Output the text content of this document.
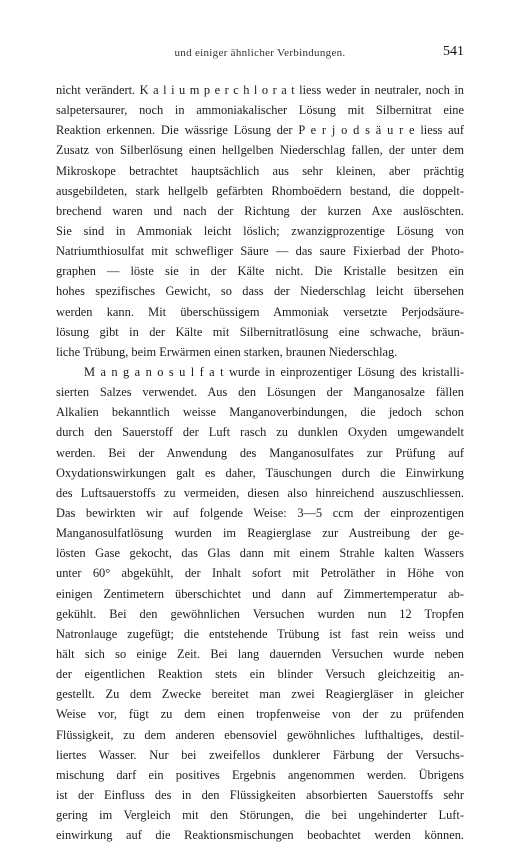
und einiger ähnlicher Verbindungen.	541
nicht verändert. K a l i u m p e r c h l o r a t liess weder in neutraler, noch in
salpetersaurer, noch in ammoniakalischer Lösung mit Silbernitrat eine
Reaktion erkennen. Die wässrige Lösung der P e r j o d s ä u r e liess auf
Zusatz von Silberlösung einen hellgelben Niederschlag fallen, der unter dem
Mikroskope betrachtet hauptsächlich aus sehr kleinen, aber prächtig
ausgebildeten, stark hellgelb gefärbten Rhomboëdern bestand, die doppelt-
brechend waren und nach der Richtung der kurzen Axe auslöschten.
Sie sind in Ammoniak leicht löslich; zwanzigprozentige Lösung von
Natriumthiosulfat mit schwefliger Säure — das saure Fixierbad der Photo-
graphen — löste sie in der Kälte nicht. Die Kristalle besitzen ein
hohes spezifisches Gewicht, so dass der Niederschlag leicht übersehen
werden kann. Mit überschüssigem Ammoniak versetzte Perjodsäure-
lösung gibt in der Kälte mit Silbernitratlösung eine schwache, bräun-
liche Trübung, beim Erwärmen einen starken, braunen Niederschlag.
M a n g a n o s u l f a t wurde in einprozentiger Lösung des kristalli-
sierten Salzes verwendet. Aus den Lösungen der Manganosalze fällen
Alkalien bekanntlich weisse Manganoverbindungen, die jedoch schon
durch den Sauerstoff der Luft rasch zu dunklen Oxyden umgewandelt
werden. Bei der Anwendung des Manganosulfates zur Prüfung auf
Oxydationswirkungen galt es daher, Täuschungen durch die Einwirkung
des Luftsauerstoffs zu vermeiden, diesen also hinreichend auszuschliessen.
Das bewirkten wir auf folgende Weise: 3—5 ccm der einprozentigen
Manganosulfatlösung wurden im Reagierglase zur Austreibung der ge-
lösten Gase gekocht, das Glas dann mit einem Strahle kalten Wassers
unter 60° abgekühlt, der Inhalt sofort mit Petroläther in Höhe von
einigen Zentimetern überschichtet und dann auf Zimmertemperatur ab-
gekühlt. Bei den gewöhnlichen Versuchen wurden nun 12 Tropfen
Natronlauge zugefügt; die entstehende Trübung ist fast rein weiss und
hält sich so einige Zeit. Bei lang dauernden Versuchen wurde neben
der eigentlichen Reaktion stets ein blinder Versuch gleichzeitig an-
gestellt. Zu dem Zwecke bereitet man zwei Reagiergläser in gleicher
Weise vor, fügt zu dem einen tropfenweise von der zu prüfenden
Flüssigkeit, zu dem anderen ebensoviel gewöhnliches lufthaltiges, destil-
liertes Wasser. Nur bei zweifellos dunklerer Färbung der Versuchs-
mischung darf ein positives Ergebnis angenommen werden. Übrigens
ist der Einfluss des in den Flüssigkeiten absorbierten Sauerstoffs sehr
gering im Vergleich mit den Störungen, die bei ungehinderter Luft-
einwirkung auf die Reaktionsmischungen beobachtet werden können.
